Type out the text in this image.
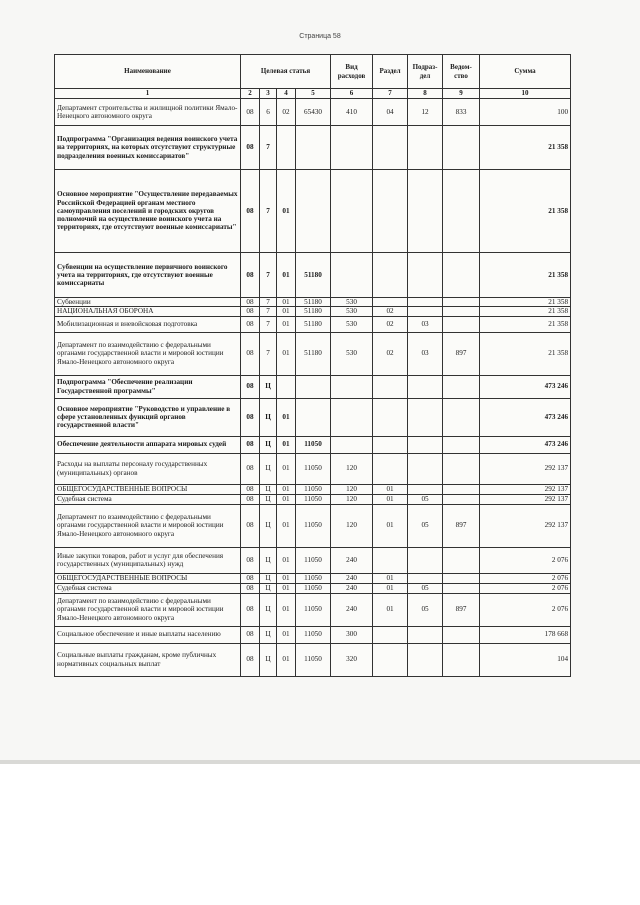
Страница 58
Наименование	Целевая статья				Вид расходов	Раздел	Подраз-дел	Ведом-ство	Сумма
1	2	3	4	5	6	7	8	9	10
Департамент строительства и жилищной политики Ямало-Ненецкого автономного округа	08	6	02	65430	410	04	12	833	100
Подпрограмма "Организация ведения воинского учета на территориях, на которых отсутствуют структурные подразделения военных комиссариатов"	08	7							21 358
Основное мероприятие "Осуществление передаваемых Российской Федерацией органам местного самоуправления поселений и городских округов полномочий на осуществление воинского учета на территориях, где отсутствуют военные комиссариаты"	08	7	01						21 358
Субвенции на осуществление первичного воинского учета на территориях, где отсутствуют военные комиссариаты	08	7	01	51180					21 358
Субвенции	08	7	01	51180	530				21 358
НАЦИОНАЛЬНАЯ ОБОРОНА	08	7	01	51180	530	02			21 358
Мобилизационная и вневойсковая подготовка	08	7	01	51180	530	02	03		21 358
Департамент по взаимодействию с федеральными органами государственной власти и мировой юстиции Ямало-Ненецкого автономного округа	08	7	01	51180	530	02	03	897	21 358
Подпрограмма "Обеспечение реализации Государственной программы"	08	Ц							473 246
Основное мероприятие "Руководство и управление в сфере установленных функций органов государственной власти"	08	Ц	01						473 246
Обеспечение деятельности аппарата мировых судей	08	Ц	01	11050					473 246
Расходы на выплаты персоналу государственных (муниципальных) органов	08	Ц	01	11050	120				292 137
ОБЩЕГОСУДАРСТВЕННЫЕ ВОПРОСЫ	08	Ц	01	11050	120	01			292 137
Судебная система	08	Ц	01	11050	120	01	05		292 137
Департамент по взаимодействию с федеральными органами государственной власти и мировой юстиции Ямало-Ненецкого автономного округа	08	Ц	01	11050	120	01	05	897	292 137
Иные закупки товаров, работ и услуг для обеспечения государственных (муниципальных) нужд	08	Ц	01	11050	240				2 076
ОБЩЕГОСУДАРСТВЕННЫЕ ВОПРОСЫ	08	Ц	01	11050	240	01			2 076
Судебная система	08	Ц	01	11050	240	01	05		2 076
Департамент по взаимодействию с федеральными органами государственной власти и мировой юстиции Ямало-Ненецкого автономного округа	08	Ц	01	11050	240	01	05	897	2 076
Социальное обеспечение и иные выплаты населению	08	Ц	01	11050	300				178 668
Социальные выплаты гражданам, кроме публичных нормативных социальных выплат	08	Ц	01	11050	320				104
